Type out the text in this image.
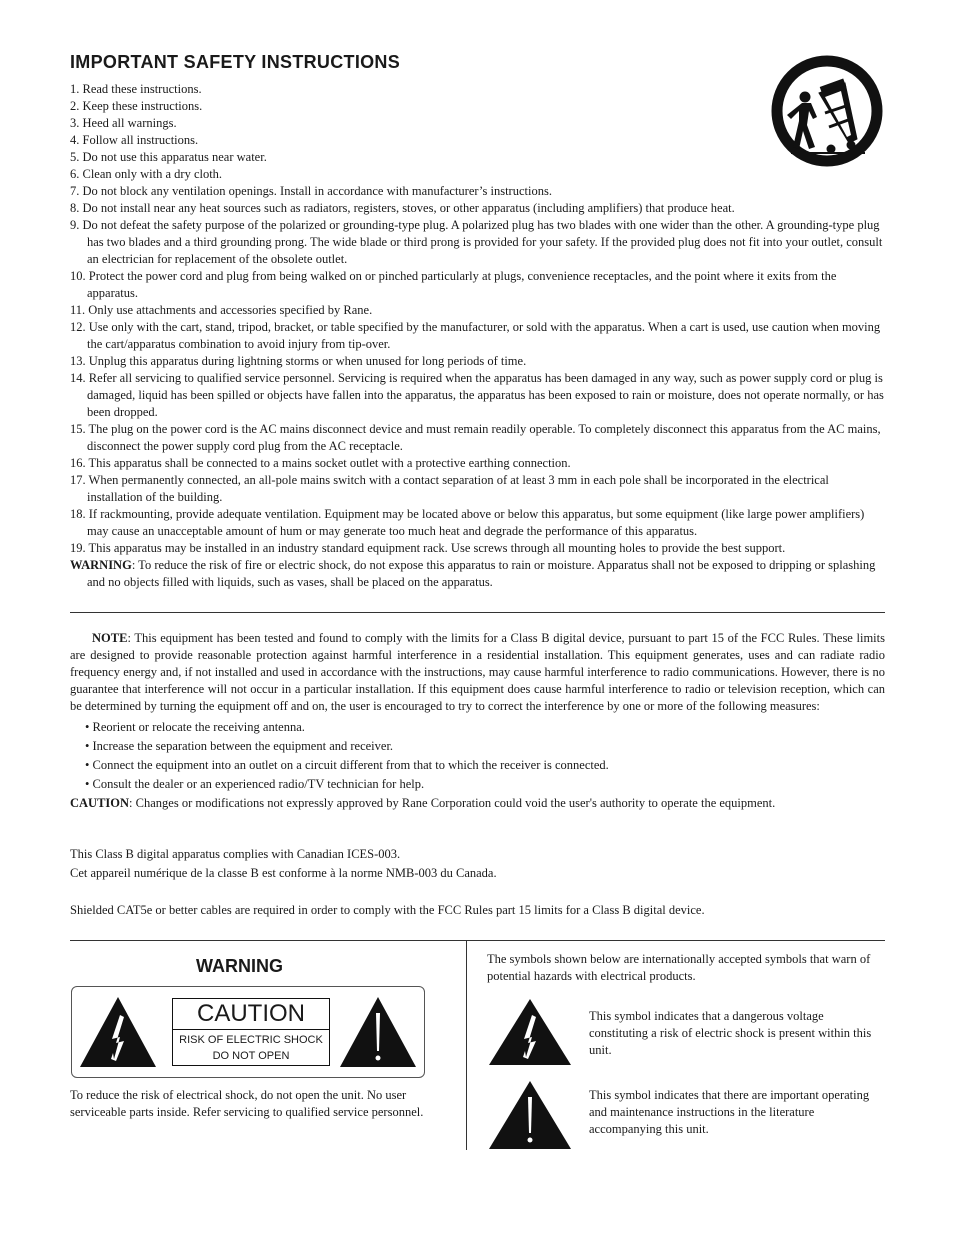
IMPORTANT SAFETY INSTRUCTIONS
1. Read these instructions.
2. Keep these instructions.
3. Heed all warnings.
4. Follow all instructions.
5. Do not use this apparatus near water.
6. Clean only with a dry cloth.
7. Do not block any ventilation openings. Install in accordance with manufacturer’s instructions.
8. Do not install near any heat sources such as radiators, registers, stoves, or other apparatus (including amplifiers) that produce heat.
9. Do not defeat the safety purpose of the polarized or grounding-type plug. A polarized plug has two blades with one wider than the other. A grounding-type plug has two blades and a third grounding prong. The wide blade or third prong is provided for your safety. If the provided plug does not fit into your outlet, consult an electrician for replacement of the obsolete outlet.
10. Protect the power cord and plug from being walked on or pinched particularly at plugs, convenience receptacles, and the point where it exits from the apparatus.
11. Only use attachments and accessories specified by Rane.
12. Use only with the cart, stand, tripod, bracket, or table specified by the manufacturer, or sold with the apparatus. When a cart is used, use caution when moving the cart/apparatus combination to avoid injury from tip-over.
13. Unplug this apparatus during lightning storms or when unused for long periods of time.
14. Refer all servicing to qualified service personnel. Servicing is required when the apparatus has been damaged in any way, such as power supply cord or plug is damaged, liquid has been spilled or objects have fallen into the apparatus, the apparatus has been exposed to rain or moisture, does not operate normally, or has been dropped.
15. The plug on the power cord is the AC mains disconnect device and must remain readily operable. To completely disconnect this apparatus from the AC mains, disconnect the power supply cord plug from the AC receptacle.
16. This apparatus shall be connected to a mains socket outlet with a protective earthing connection.
17. When permanently connected, an all-pole mains switch with a contact separation of at least 3 mm in each pole shall be incorporated in the electrical installation of the building.
18. If rackmounting, provide adequate ventilation. Equipment may be located above or below this apparatus, but some equipment (like large power amplifiers) may cause an unacceptable amount of hum or may generate too much heat and degrade the performance of this apparatus.
19. This apparatus may be installed in an industry standard equipment rack. Use screws through all mounting holes to provide the best support.
WARNING: To reduce the risk of fire or electric shock, do not expose this apparatus to rain or moisture. Apparatus shall not be exposed to dripping or splashing and no objects filled with liquids, such as vases, shall be placed on the apparatus.

NOTE: This equipment has been tested and found to comply with the limits for a Class B digital device, pursuant to part 15 of the FCC Rules. These limits are designed to provide reasonable protection against harmful interference in a residential installation. This equipment generates, uses and can radiate radio frequency energy and, if not installed and used in accordance with the instructions, may cause harmful interference to radio communications. However, there is no guarantee that interference will not occur in a particular installation. If this equipment does cause harmful interference to radio or television reception, which can be determined by turning the equipment off and on, the user is encouraged to try to correct the interference by one or more of the following measures:

• Reorient or relocate the receiving antenna.
• Increase the separation between the equipment and receiver.
• Connect the equipment into an outlet on a circuit different from that to which the receiver is connected.
• Consult the dealer or an experienced radio/TV technician for help.

CAUTION: Changes or modifications not expressly approved by Rane Corporation could void the user's authority to operate the equipment.

This Class B digital apparatus complies with Canadian ICES-003.
Cet appareil numérique de la classe B est conforme à la norme NMB-003 du Canada.
Shielded CAT5e or better cables are required in order to comply with the FCC Rules part 15 limits for a Class B digital device.
WARNING
CAUTION
RISK OF ELECTRIC SHOCK
DO NOT OPEN
To reduce the risk of electrical shock, do not open the unit. No user serviceable parts inside. Refer servicing to qualified service personnel.
The symbols shown below are internationally accepted symbols that warn of potential hazards with electrical products.
This symbol indicates that a dangerous voltage constituting a risk of electric shock is present within this unit.
This symbol indicates that there are important operating and maintenance instructions in the literature accompanying this unit.
